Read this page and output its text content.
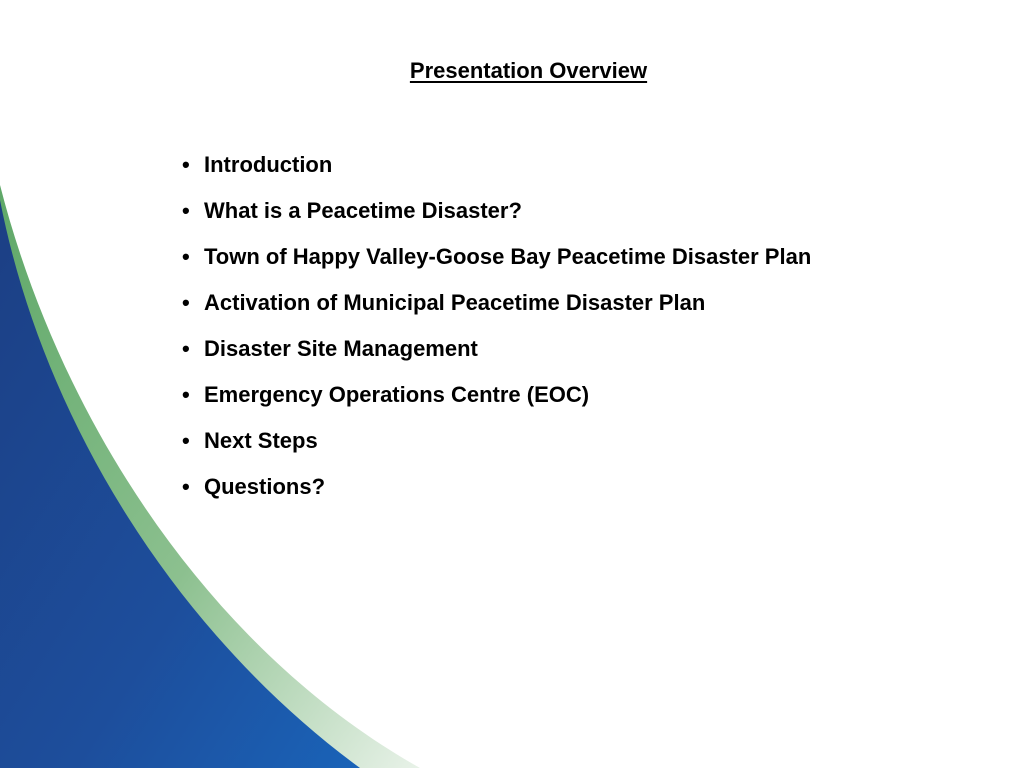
Presentation Overview
• Introduction
• What is a Peacetime Disaster?
• Town of Happy Valley-Goose Bay Peacetime Disaster Plan
• Activation of Municipal Peacetime Disaster Plan
• Disaster Site Management
• Emergency Operations Centre (EOC)
• Next Steps
• Questions?
